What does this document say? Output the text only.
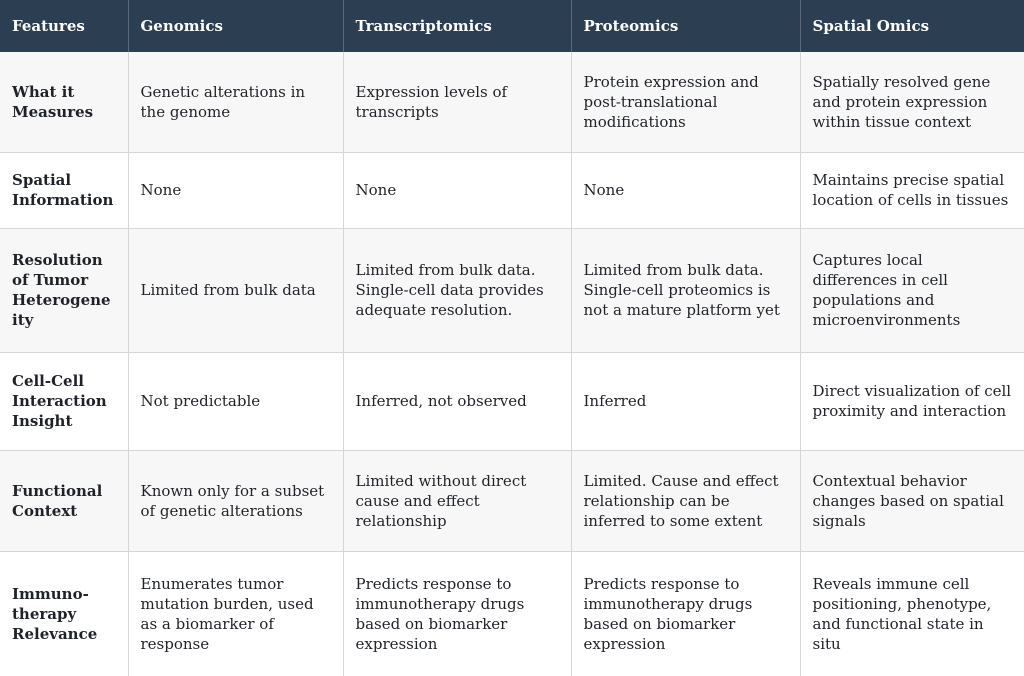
Features	Genomics	Transcriptomics	Proteomics	Spatial Omics
What it Measures	Genetic alterations in the genome	Expression levels of transcripts	Protein expression and post-translational modifications	Spatially resolved gene and protein expression within tissue context
Spatial Information	None	None	None	Maintains precise spatial location of cells in tissues
Resolution of Tumor Heterogeneity	Limited from bulk data	Limited from bulk data. Single-cell data provides adequate resolution.	Limited from bulk data. Single-cell proteomics is not a mature platform yet	Captures local differences in cell populations and microenvironments
Cell-Cell Interaction Insight	Not predictable	Inferred, not observed	Inferred	Direct visualization of cell proximity and interaction
Functional Context	Known only for a subset of genetic alterations	Limited without direct cause and effect relationship	Limited. Cause and effect relationship can be inferred to some extent	Contextual behavior changes based on spatial signals
Immuno-therapy Relevance	Enumerates tumor mutation burden, used as a biomarker of response	Predicts response to immunotherapy drugs based on biomarker expression	Predicts response to immunotherapy drugs based on biomarker expression	Reveals immune cell positioning, phenotype, and functional state in situ
